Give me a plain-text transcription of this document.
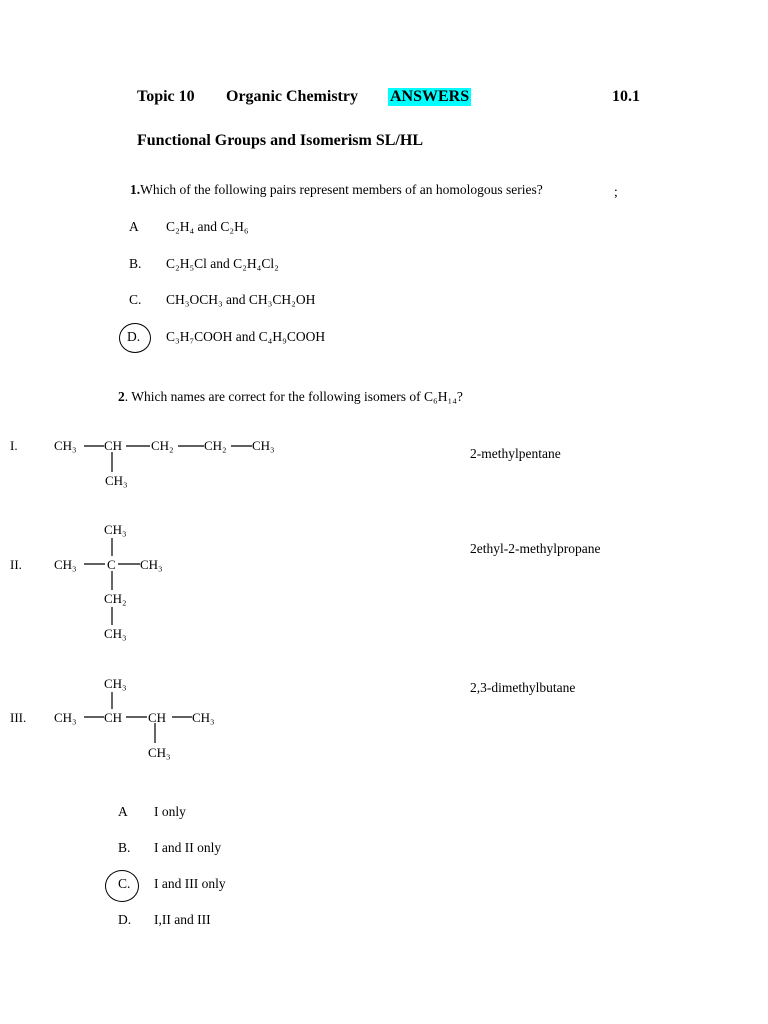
Topic 10 Organic Chemistry ANSWERS	10.1
Functional Groups and Isomerism SL/HL
1.Which of the following pairs represent members of an homologous series?	;
A C₂H₄ and C₂H₆
B. C₂H₅Cl and C₂H₄Cl₂
C. CH₃OCH₃ and CH₃CH₂OH
D. C₃H₇COOH and C₄H₉COOH
2. Which names are correct for the following isomers of C₆H₁₄?
I.	CH₃ CH CH₂ CH₂ CH₃
CH₃
2-methylpentane
CH₃
II. CH₃ C CH₃
CH₂
CH₃
2ethyl-2-methylpropane
CH₃
III. CH₃ CH CH CH₃
CH₃
2,3-dimethylbutane
A I only
B. I and II only
C. I and III only
D. I,II and III
